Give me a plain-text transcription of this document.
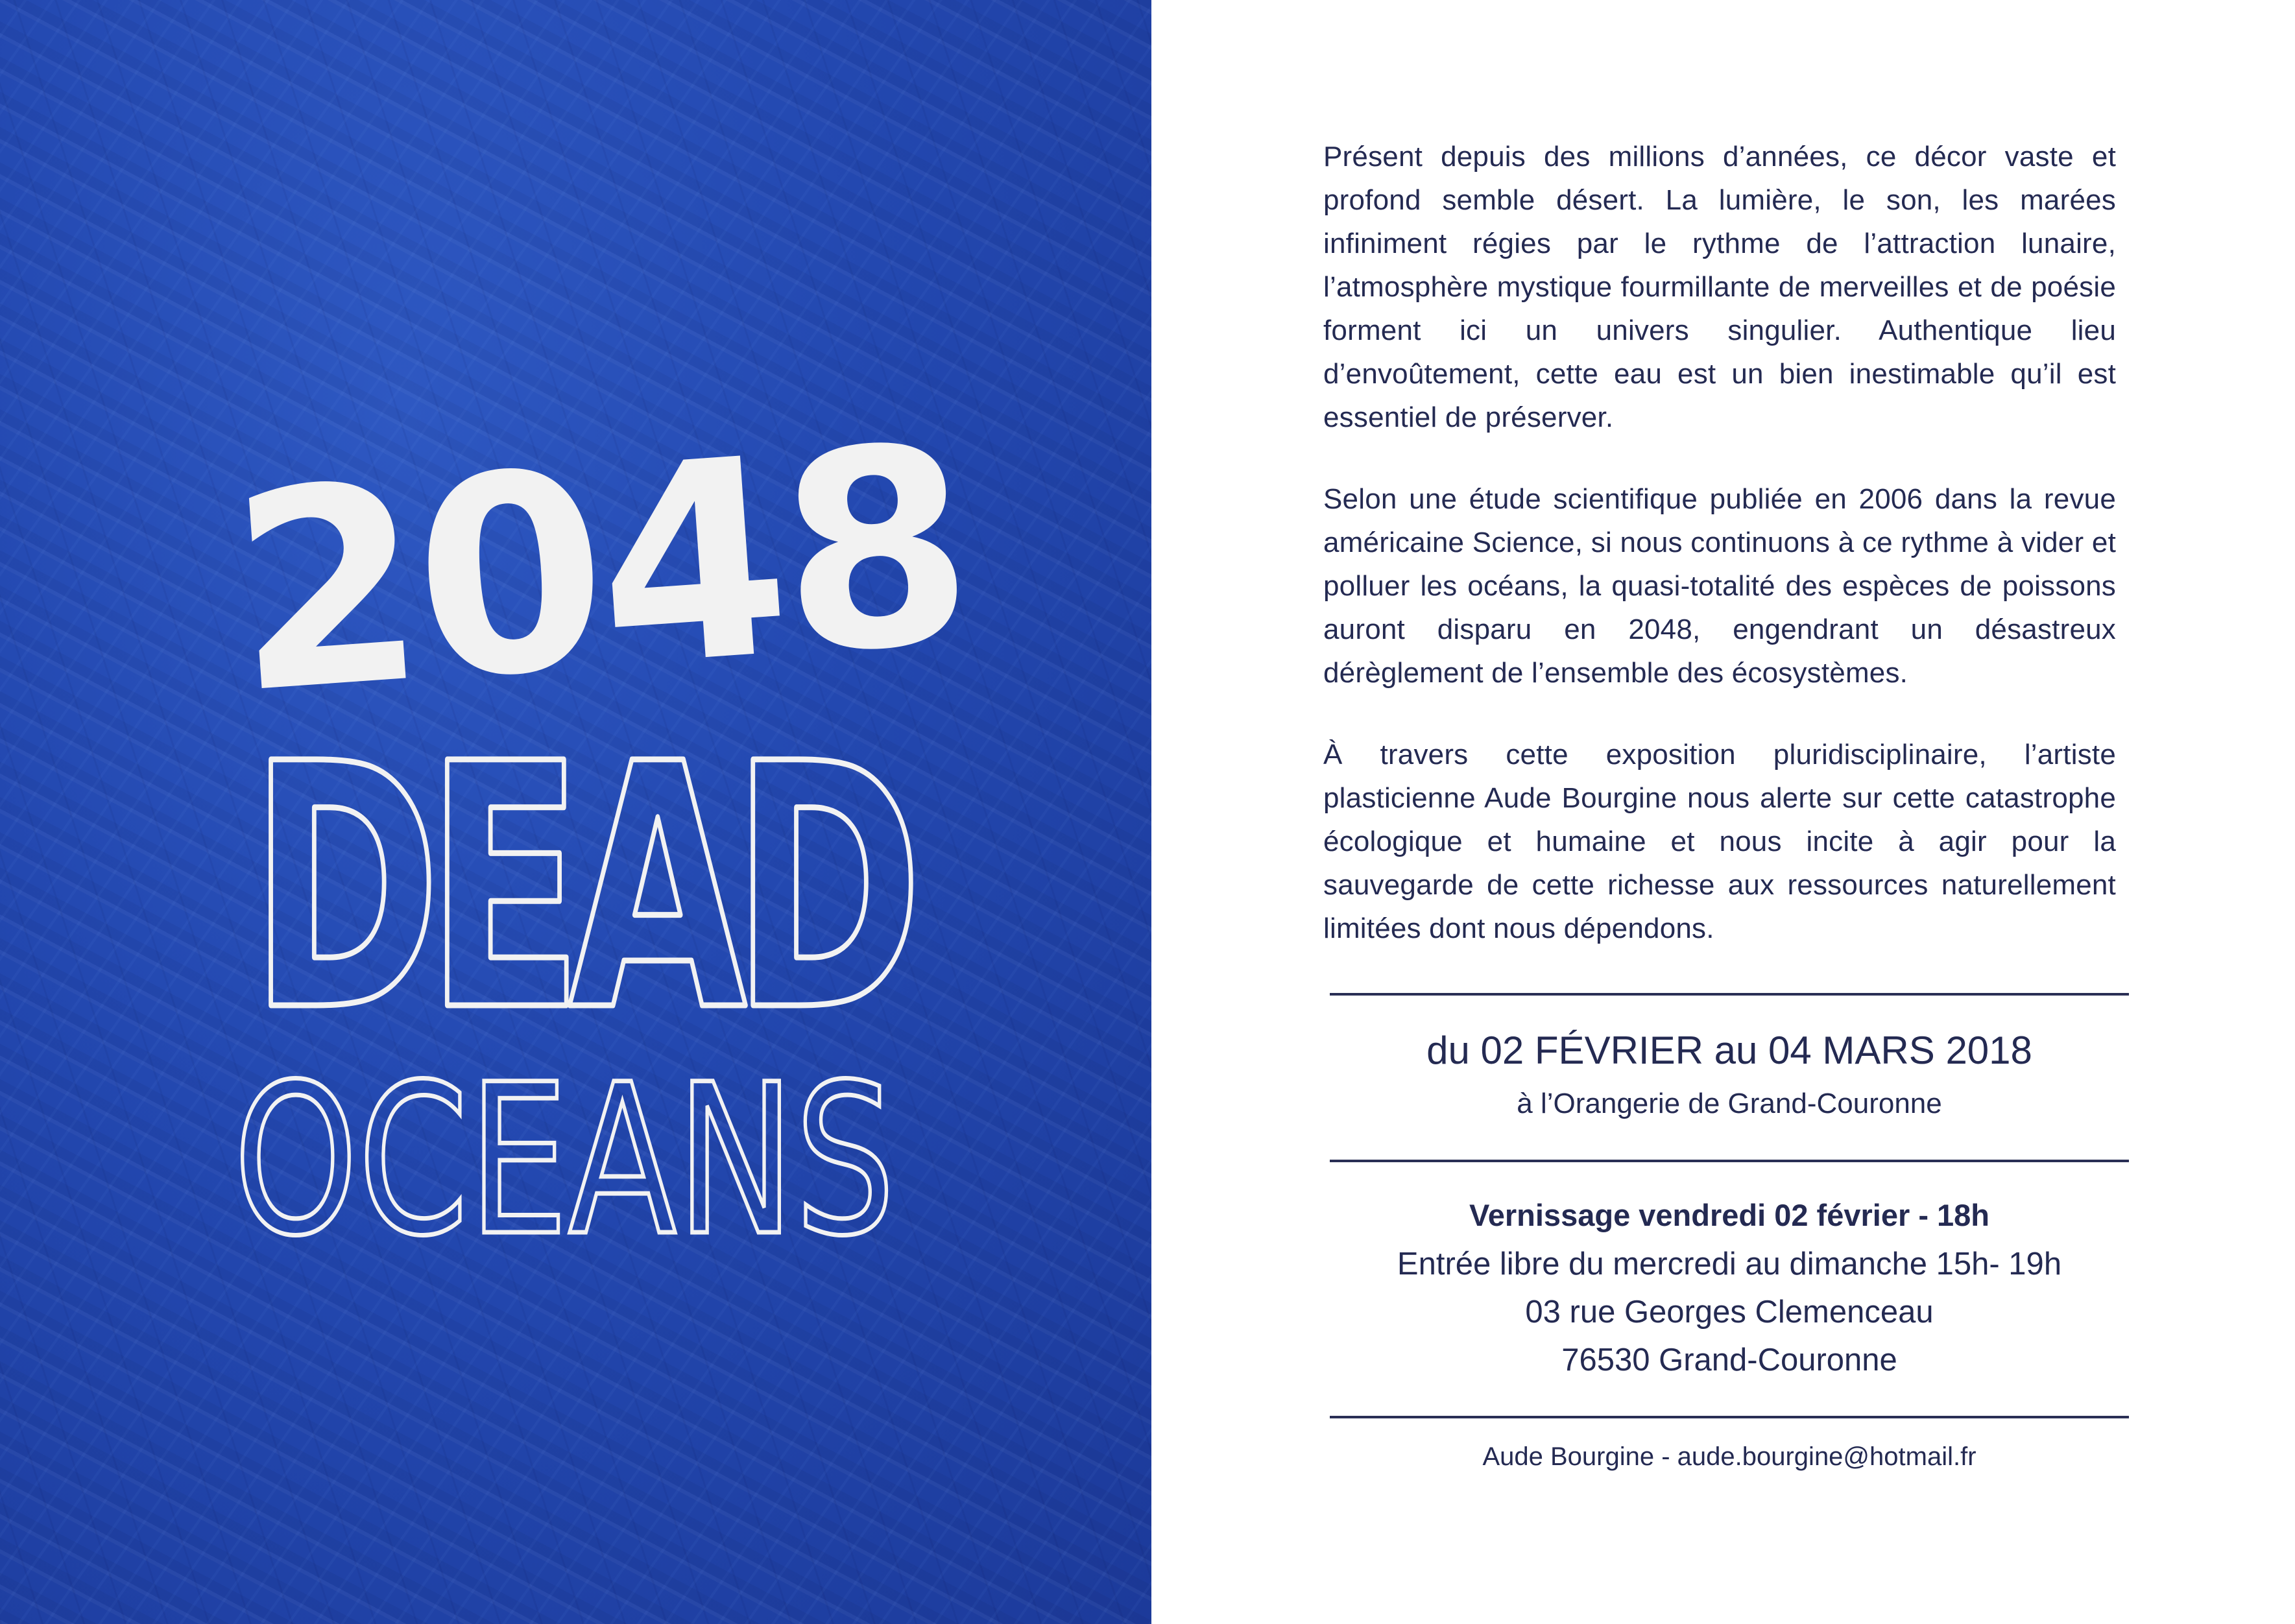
2048
DEAD
OCEANS

Présent depuis des millions d’années, ce décor vaste et profond semble désert. La lumière, le son, les marées infiniment régies par le rythme de l’attraction lunaire, l’atmosphère mystique fourmillante de merveilles et de poésie forment ici un univers singulier. Authentique lieu d’envoûtement, cette eau est un bien inestimable qu’il est essentiel de préserver.

Selon une étude scientifique publiée en 2006 dans la revue américaine Science, si nous continuons à ce rythme à vider et polluer les océans, la quasi-totalité des espèces de poissons auront disparu en 2048, engendrant un désastreux dérèglement de l’ensemble des écosystèmes.

À travers cette exposition pluridisciplinaire, l’artiste plasticienne Aude Bourgine nous alerte sur cette catastrophe écologique et humaine et nous incite à agir pour la sauvegarde de cette richesse aux ressources naturellement limitées dont nous dépendons.

du 02 FÉVRIER au 04 MARS 2018
à l’Orangerie de Grand-Couronne
Vernissage vendredi 02 février - 18h
Entrée libre du mercredi au dimanche 15h- 19h
03 rue Georges Clemenceau
76530 Grand-Couronne
Aude Bourgine - aude.bourgine@hotmail.fr
